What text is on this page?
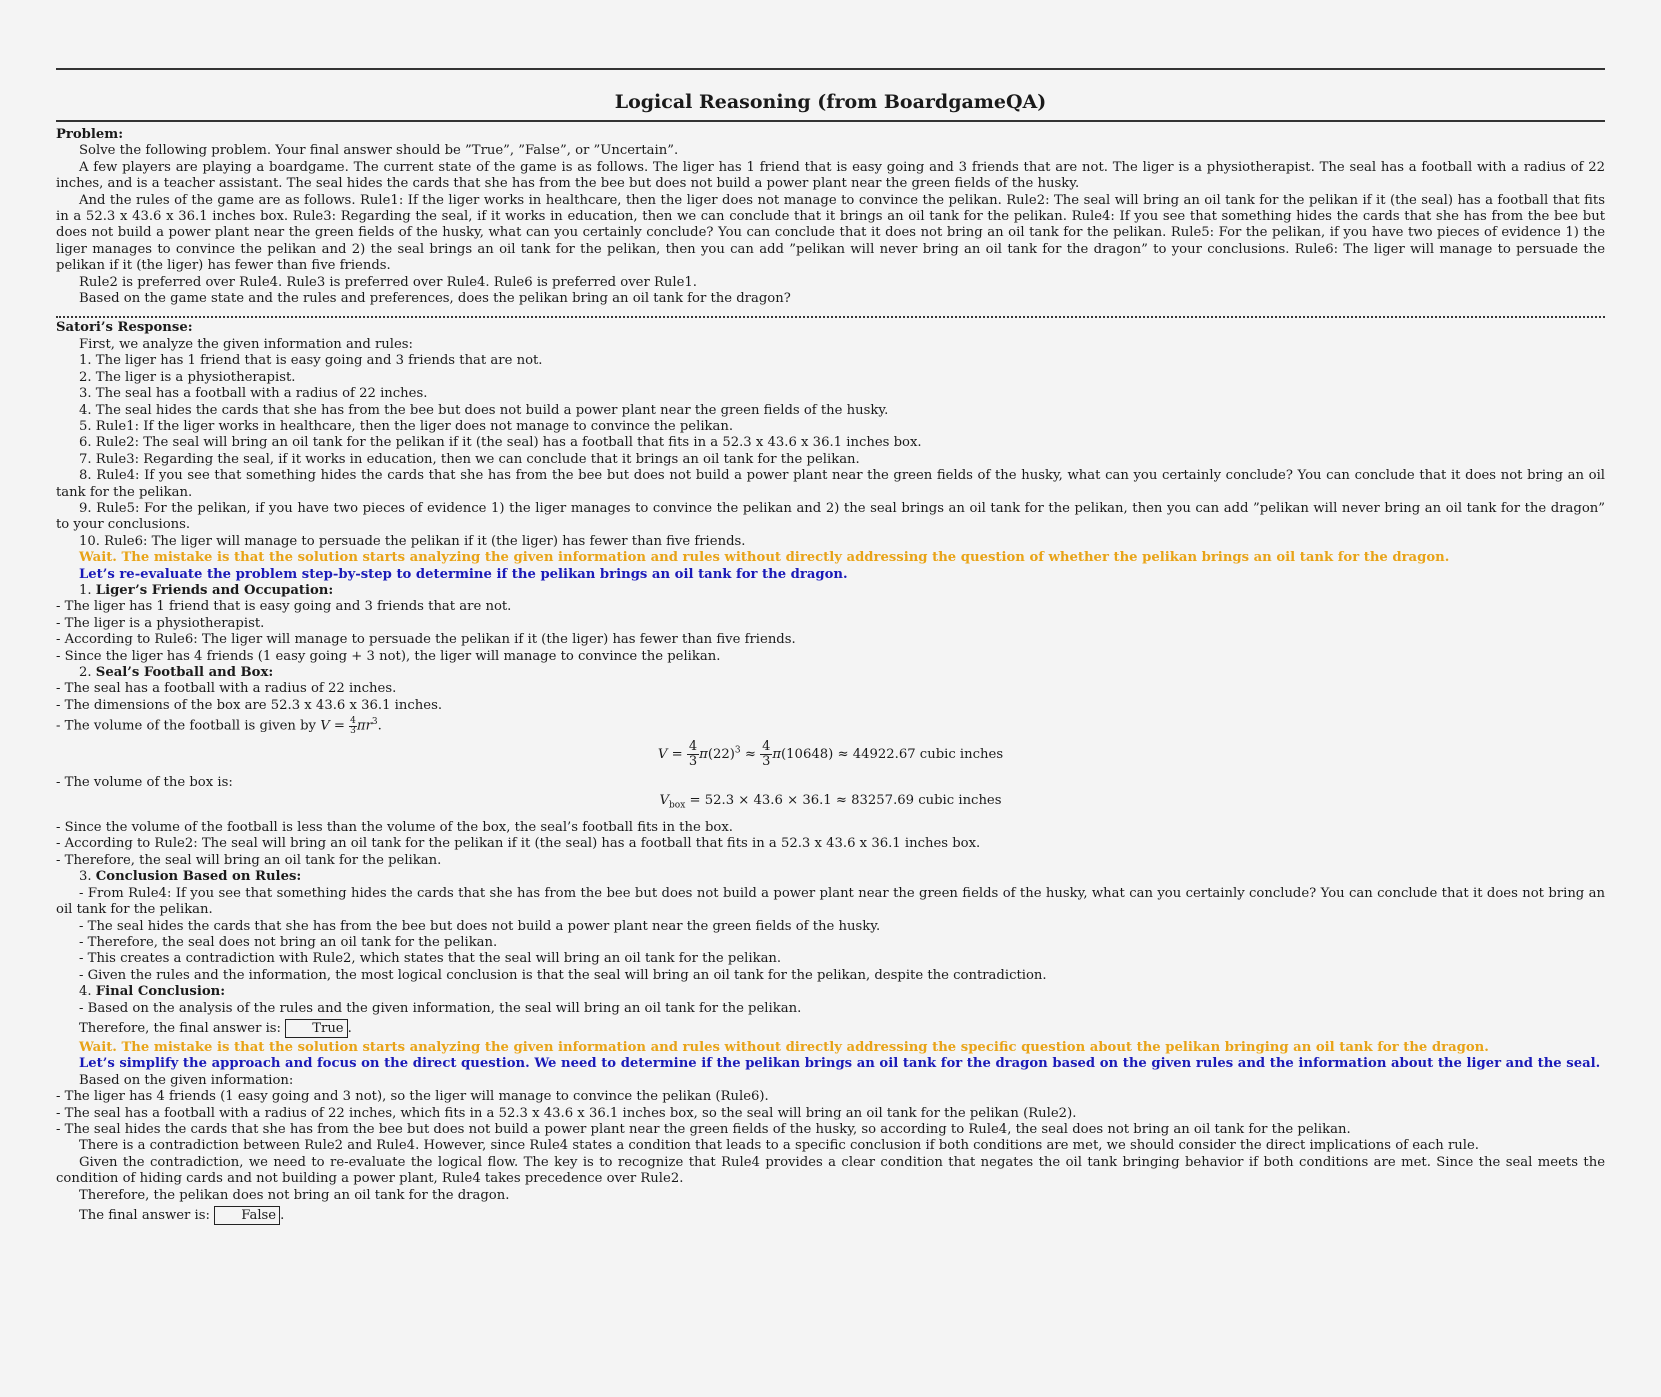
Logical Reasoning (from BoardgameQA)
Problem:

Solve the following problem. Your final answer should be ”True”, ”False”, or ”Uncertain”.

A few players are playing a boardgame. The current state of the game is as follows. The liger has 1 friend that is easy going and 3 friends that are not. The liger is a physiotherapist. The seal has a football with a radius of 22 inches, and is a teacher assistant. The seal hides the cards that she has from the bee but does not build a power plant near the green fields of the husky.

And the rules of the game are as follows. Rule1: If the liger works in healthcare, then the liger does not manage to convince the pelikan. Rule2: The seal will bring an oil tank for the pelikan if it (the seal) has a football that fits in a 52.3 x 43.6 x 36.1 inches box. Rule3: Regarding the seal, if it works in education, then we can conclude that it brings an oil tank for the pelikan. Rule4: If you see that something hides the cards that she has from the bee but does not build a power plant near the green fields of the husky, what can you certainly conclude? You can conclude that it does not bring an oil tank for the pelikan. Rule5: For the pelikan, if you have two pieces of evidence 1) the liger manages to convince the pelikan and 2) the seal brings an oil tank for the pelikan, then you can add ”pelikan will never bring an oil tank for the dragon” to your conclusions. Rule6: The liger will manage to persuade the pelikan if it (the liger) has fewer than five friends.

Rule2 is preferred over Rule4. Rule3 is preferred over Rule4. Rule6 is preferred over Rule1.

Based on the game state and the rules and preferences, does the pelikan bring an oil tank for the dragon?

Satori’s Response:

First, we analyze the given information and rules:

1. The liger has 1 friend that is easy going and 3 friends that are not.

2. The liger is a physiotherapist.

3. The seal has a football with a radius of 22 inches.

4. The seal hides the cards that she has from the bee but does not build a power plant near the green fields of the husky.

5. Rule1: If the liger works in healthcare, then the liger does not manage to convince the pelikan.

6. Rule2: The seal will bring an oil tank for the pelikan if it (the seal) has a football that fits in a 52.3 x 43.6 x 36.1 inches box.

7. Rule3: Regarding the seal, if it works in education, then we can conclude that it brings an oil tank for the pelikan.

8. Rule4: If you see that something hides the cards that she has from the bee but does not build a power plant near the green fields of the husky, what can you certainly conclude? You can conclude that it does not bring an oil tank for the pelikan.

9. Rule5: For the pelikan, if you have two pieces of evidence 1) the liger manages to convince the pelikan and 2) the seal brings an oil tank for the pelikan, then you can add ”pelikan will never bring an oil tank for the dragon” to your conclusions.

10. Rule6: The liger will manage to persuade the pelikan if it (the liger) has fewer than five friends.

Wait. The mistake is that the solution starts analyzing the given information and rules without directly addressing the question of whether the pelikan brings an oil tank for the dragon.

Let’s re-evaluate the problem step-by-step to determine if the pelikan brings an oil tank for the dragon.

1. Liger’s Friends and Occupation:

- The liger has 1 friend that is easy going and 3 friends that are not.

- The liger is a physiotherapist.

- According to Rule6: The liger will manage to persuade the pelikan if it (the liger) has fewer than five friends.

- Since the liger has 4 friends (1 easy going + 3 not), the liger will manage to convince the pelikan.

2. Seal’s Football and Box:

- The seal has a football with a radius of 22 inches.

- The dimensions of the box are 52.3 x 43.6 x 36.1 inches.

- The volume of the football is given by $V = \frac{4}{3} \pi r^3$.

$V = \frac{4}{3} \pi(22)^3 \approx \frac{4}{3} \pi(10648) \approx 44922.67$ cubic inches

- The volume of the box is:

$V_{box} = 52.3 \times 43.6 \times 36.1 \approx 83257.69$ cubic inches

- Since the volume of the football is less than the volume of the box, the seal’s football fits in the box.

- According to Rule2: The seal will bring an oil tank for the pelikan if it (the seal) has a football that fits in a 52.3 x 43.6 x 36.1 inches box.

- Therefore, the seal will bring an oil tank for the pelikan.

3. Conclusion Based on Rules:

- From Rule4: If you see that something hides the cards that she has from the bee but does not build a power plant near the green fields of the husky, what can you certainly conclude? You can conclude that it does not bring an oil tank for the pelikan.

- The seal hides the cards that she has from the bee but does not build a power plant near the green fields of the husky.

- Therefore, the seal does not bring an oil tank for the pelikan.

- This creates a contradiction with Rule2, which states that the seal will bring an oil tank for the pelikan.

- Given the rules and the information, the most logical conclusion is that the seal will bring an oil tank for the pelikan, despite the contradiction.

4. Final Conclusion:

- Based on the analysis of the rules and the given information, the seal will bring an oil tank for the pelikan.

Therefore, the final answer is: True .

Wait. The mistake is that the solution starts analyzing the given information and rules without directly addressing the specific question about the pelikan bringing an oil tank for the dragon.

Let’s simplify the approach and focus on the direct question. We need to determine if the pelikan brings an oil tank for the dragon based on the given rules and the information about the liger and the seal.

Based on the given information:

- The liger has 4 friends (1 easy going and 3 not), so the liger will manage to convince the pelikan (Rule6).

- The seal has a football with a radius of 22 inches, which fits in a 52.3 x 43.6 x 36.1 inches box, so the seal will bring an oil tank for the pelikan (Rule2).

- The seal hides the cards that she has from the bee but does not build a power plant near the green fields of the husky, so according to Rule4, the seal does not bring an oil tank for the pelikan.

There is a contradiction between Rule2 and Rule4. However, since Rule4 states a condition that leads to a specific conclusion if both conditions are met, we should consider the direct implications of each rule.

Given the contradiction, we need to re-evaluate the logical flow. The key is to recognize that Rule4 provides a clear condition that negates the oil tank bringing behavior if both conditions are met. Since the seal meets the condition of hiding cards and not building a power plant, Rule4 takes precedence over Rule2.

Therefore, the pelikan does not bring an oil tank for the dragon.

The final answer is: False .
